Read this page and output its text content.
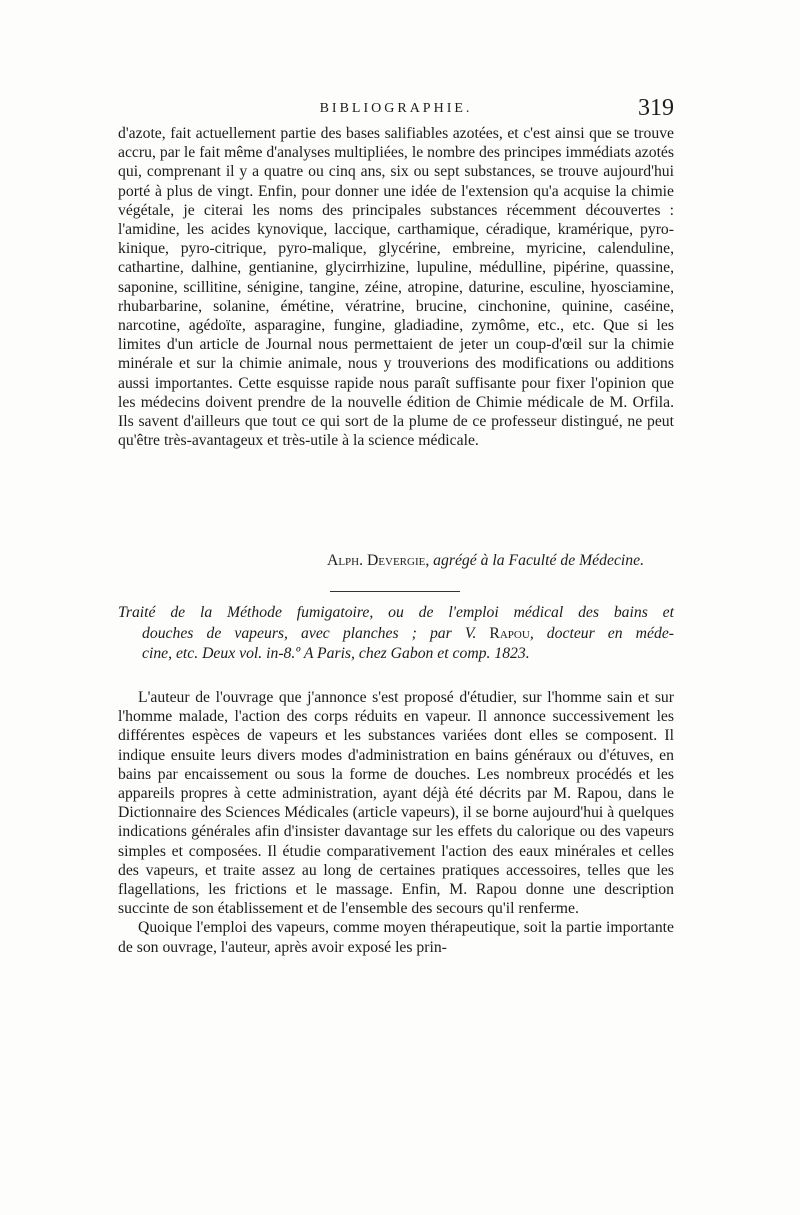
BIBLIOGRAPHIE.	319

d'azote, fait actuellement partie des bases salifiables azotées, et c'est ainsi que se trouve accru, par le fait même d'analyses multipliées, le nombre des principes immédiats azotés qui, comprenant il y a quatre ou cinq ans, six ou sept substances, se trouve aujourd'hui porté à plus de vingt. Enfin, pour donner une idée de l'extension qu'a acquise la chimie végétale, je citerai les noms des principales substances récemment découvertes : l'amidine, les acides kynovique, laccique, carthamique, céradique, kramérique, pyro-kinique, pyro-citrique, pyro-malique, glycérine, embreine, myricine, calenduline, cathartine, dalhine, gentianine, glycirrhizine, lupuline, médulline, pipérine, quassine, saponine, scillitine, sénigine, tangine, zéine, atropine, daturine, esculine, hyosciamine, rhubarbarine, solanine, émétine, vératrine, brucine, cinchonine, quinine, caséine, narcotine, agédoïte, asparagine, fungine, gladiadine, zymôme, etc., etc. Que si les limites d'un article de Journal nous permettaient de jeter un coup-d'œil sur la chimie minérale et sur la chimie animale, nous y trouverions des modifications ou additions aussi importantes. Cette esquisse rapide nous paraît suffisante pour fixer l'opinion que les médecins doivent prendre de la nouvelle édition de Chimie médicale de M. Orfila. Ils savent d'ailleurs que tout ce qui sort de la plume de ce professeur distingué, ne peut qu'être très-avantageux et très-utile à la science médicale.

Alph. Devergie, agrégé à la Faculté de Médecine.
Traité de la Méthode fumigatoire, ou de l'emploi médical des bains et
douches de vapeurs, avec planches ; par V. Rapou, docteur en méde-
cine, etc. Deux vol. in-8.º A Paris, chez Gabon et comp. 1823.

L'auteur de l'ouvrage que j'annonce s'est proposé d'étudier, sur l'homme sain et sur l'homme malade, l'action des corps réduits en vapeur. Il annonce successivement les différentes espèces de vapeurs et les substances variées dont elles se composent. Il indique ensuite leurs divers modes d'administration en bains généraux ou d'étuves, en bains par encaissement ou sous la forme de douches. Les nombreux procédés et les appareils propres à cette administration, ayant déjà été décrits par M. Rapou, dans le Dictionnaire des Sciences Médicales (article vapeurs), il se borne aujourd'hui à quelques indications générales afin d'insister davantage sur les effets du calorique ou des vapeurs simples et composées. Il étudie comparativement l'action des eaux minérales et celles des vapeurs, et traite assez au long de certaines pratiques accessoires, telles que les flagellations, les frictions et le massage. Enfin, M. Rapou donne une description succinte de son établissement et de l'ensemble des secours qu'il renferme.

Quoique l'emploi des vapeurs, comme moyen thérapeutique, soit la partie importante de son ouvrage, l'auteur, après avoir exposé les prin-
